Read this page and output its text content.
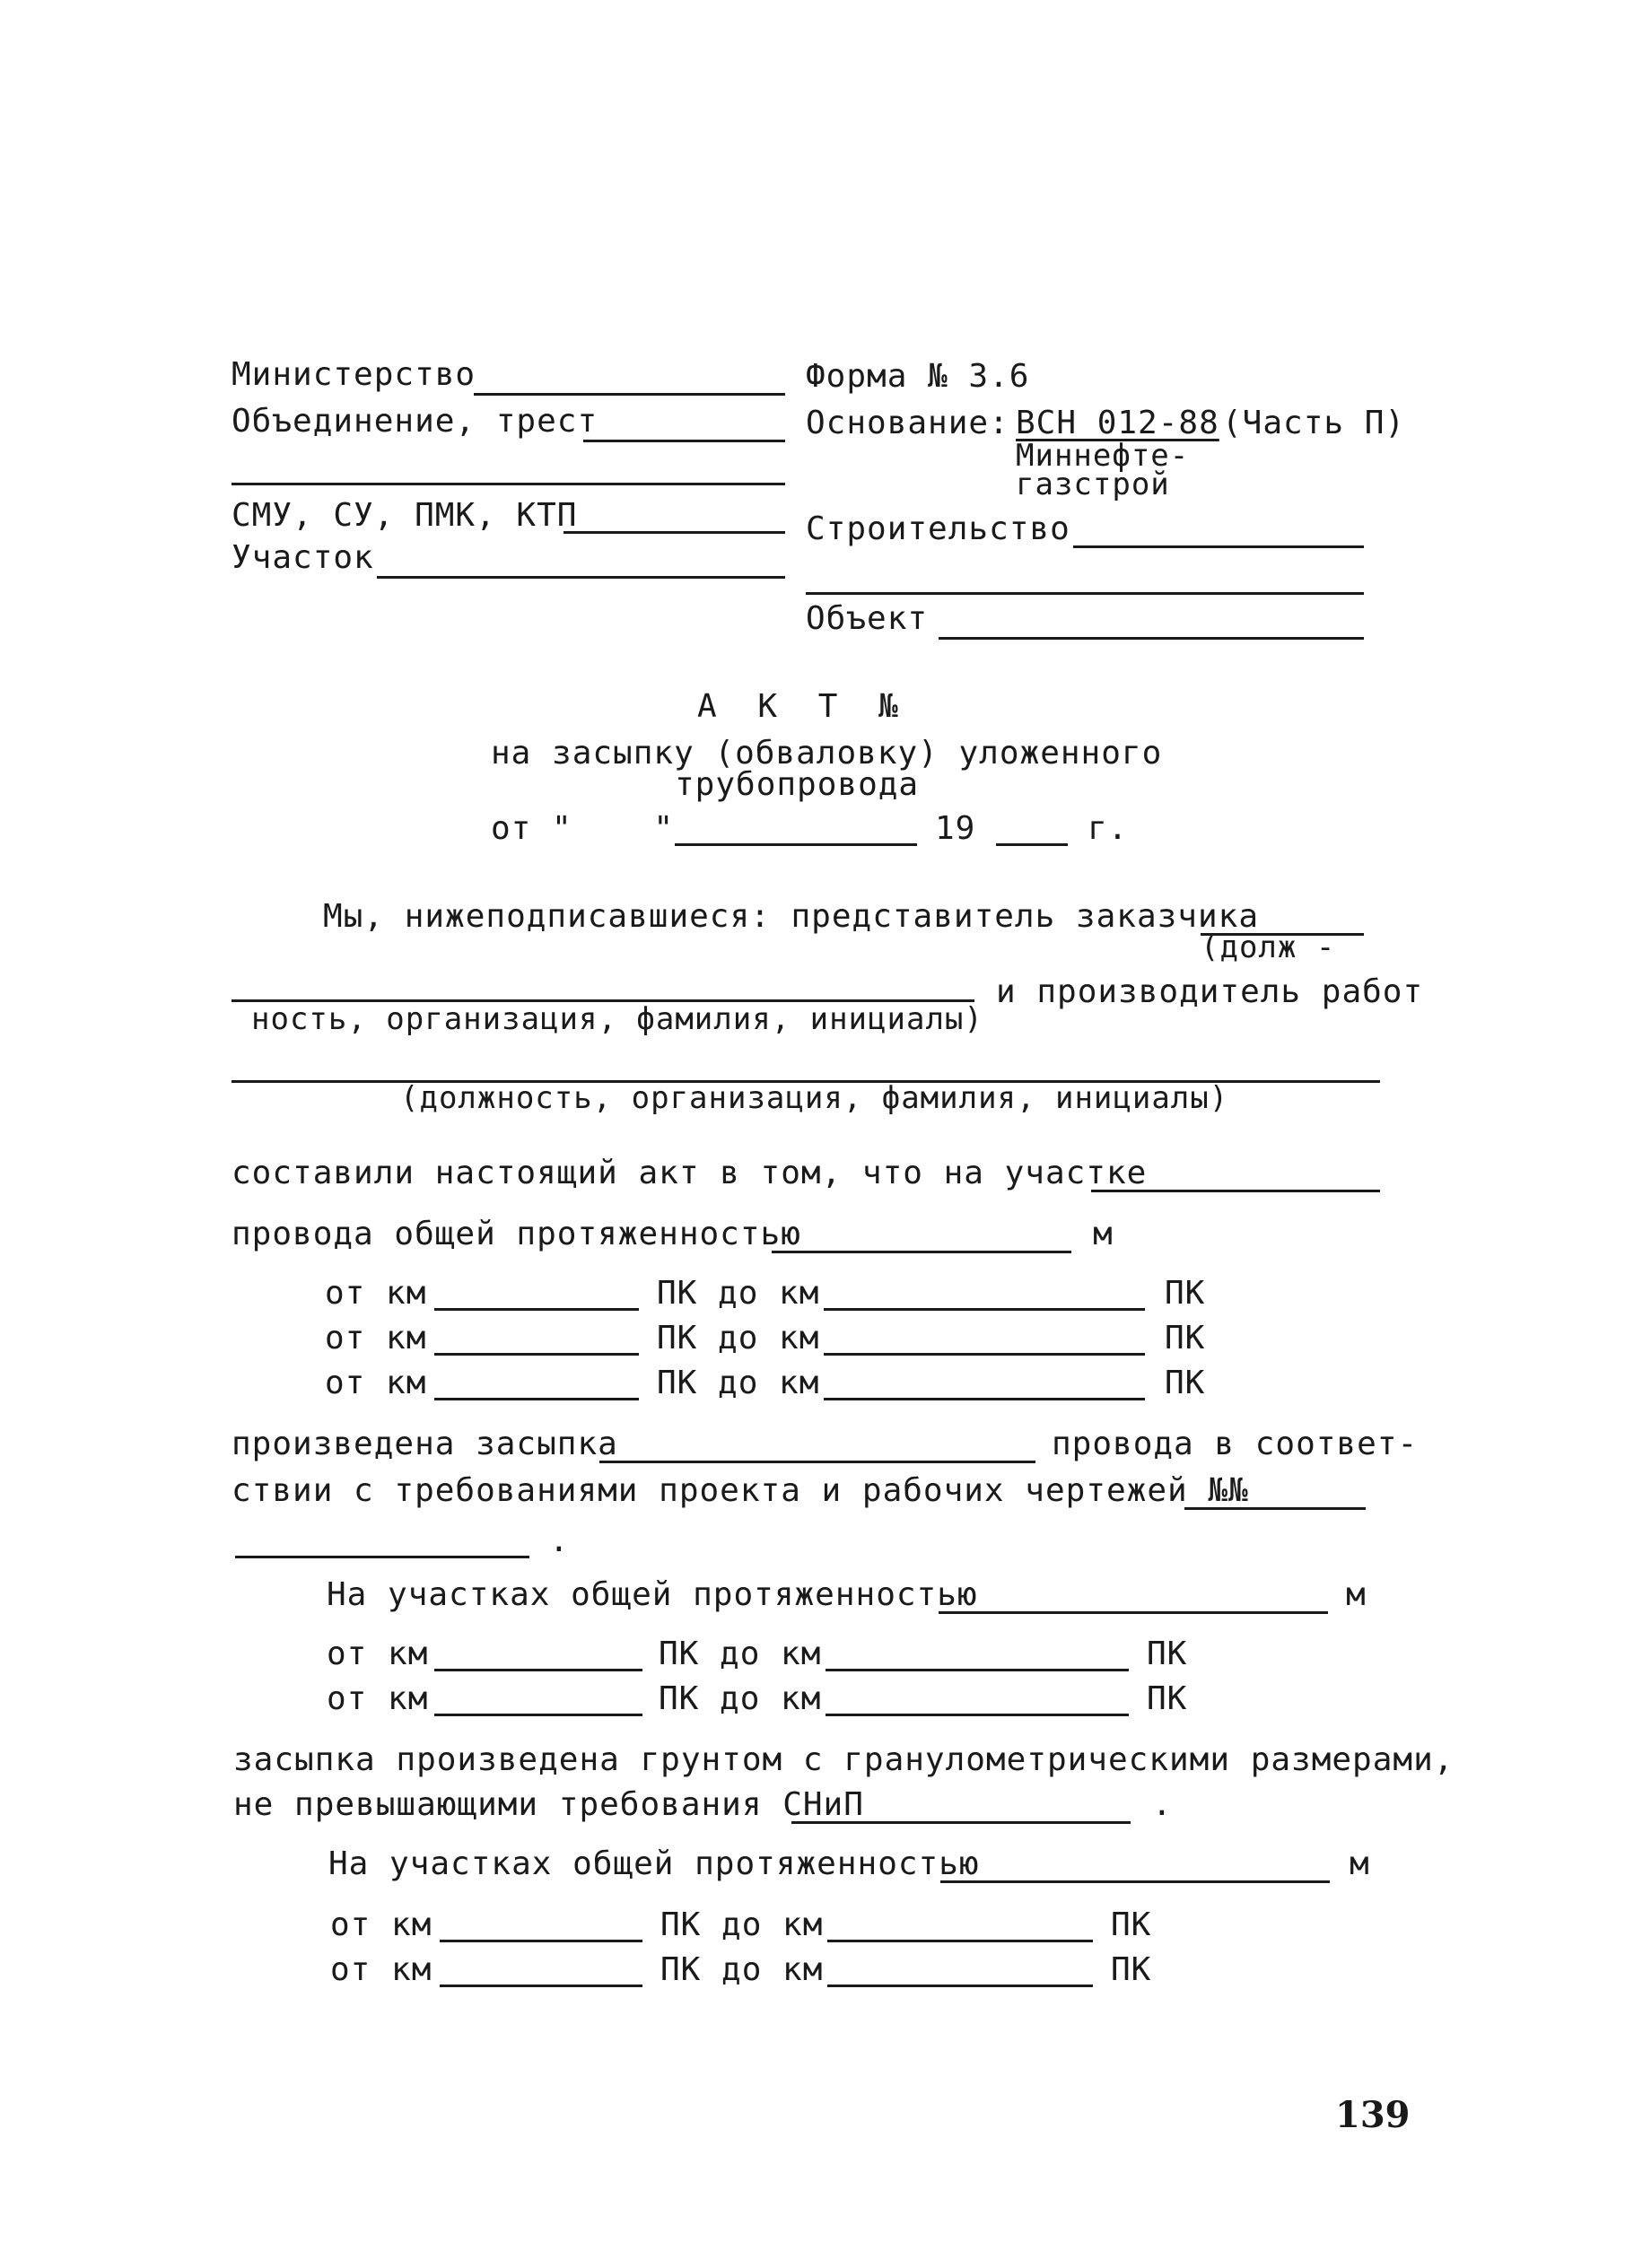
Министерство
Объединение, трест
СМУ, СУ, ПМК, КТП
Участок
Форма № 3.6
Основание: ВСН 012-88 (Часть П)
Миннефте-
газстрой
Строительство
Объект
А К Т №
на засыпку (обваловку) уложенного
трубопровода
от "    "	19	г.
Мы, нижеподписавшиеся: представитель заказчика
(долж -
и производитель работ
ность, организация, фамилия, инициалы)
(должность, организация, фамилия, инициалы)
составили настоящий акт в том, что на участке
провода общей протяженностью	м
от км	ПК до км	ПК
от км	ПК до км	ПК
от км	ПК до км	ПК
произведена засыпка	провода в соответ-
ствии с требованиями проекта и рабочих чертежей №№
.
На участках общей протяженностью	м
от км	ПК до км	ПК
от км	ПК до км	ПК
засыпка произведена грунтом с гранулометрическими размерами,
не превышающими требования СНиП	.
На участках общей протяженностью	м
от км	ПК до км	ПК
от км	ПК до км	ПК
139
